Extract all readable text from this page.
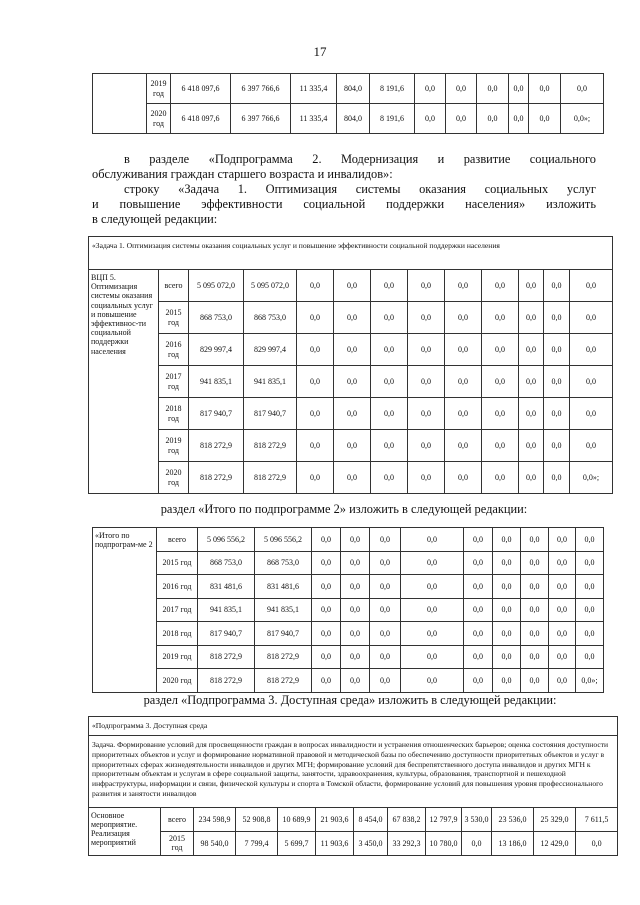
17
	2019 год	6 418 097,6	6 397 766,6	11 335,4	804,0	8 191,6	0,0	0,0	0,0	0,0	0,0	0,0
	2020 год	6 418 097,6	6 397 766,6	11 335,4	804,0	8 191,6	0,0	0,0	0,0	0,0	0,0	0,0»;
в разделе «Подпрограмма 2. Модернизация и развитие социального
обслуживания граждан старшего возраста и инвалидов»:
строку «Задача 1. Оптимизация системы оказания социальных услуг
и повышение эффективности социальной поддержки населения» изложить
в следующей редакции:
«Задача 1. Оптимизация системы оказания социальных услуг и повышение эффективности социальной поддержки населения												
ВЦП 5. Оптимизация системы оказания социальных услуг и повышение эффективнос-ти социальной поддержки населения	всего	5 095 072,0	5 095 072,0	0,0	0,0	0,0	0,0	0,0	0,0	0,0	0,0	0,0
	2015 год	868 753,0	868 753,0	0,0	0,0	0,0	0,0	0,0	0,0	0,0	0,0	0,0
	2016 год	829 997,4	829 997,4	0,0	0,0	0,0	0,0	0,0	0,0	0,0	0,0	0,0
	2017 год	941 835,1	941 835,1	0,0	0,0	0,0	0,0	0,0	0,0	0,0	0,0	0,0
	2018 год	817 940,7	817 940,7	0,0	0,0	0,0	0,0	0,0	0,0	0,0	0,0	0,0
	2019 год	818 272,9	818 272,9	0,0	0,0	0,0	0,0	0,0	0,0	0,0	0,0	0,0
	2020 год	818 272,9	818 272,9	0,0	0,0	0,0	0,0	0,0	0,0	0,0	0,0	0,0»;
раздел «Итого по подпрограмме 2» изложить в следующей редакции:
«Итого по подпрограм-ме 2	всего	5 096 556,2	5 096 556,2	0,0	0,0	0,0	0,0	0,0	0,0	0,0	0,0	0,0
	2015 год	868 753,0	868 753,0	0,0	0,0	0,0	0,0	0,0	0,0	0,0	0,0	0,0
	2016 год	831 481,6	831 481,6	0,0	0,0	0,0	0,0	0,0	0,0	0,0	0,0	0,0
	2017 год	941 835,1	941 835,1	0,0	0,0	0,0	0,0	0,0	0,0	0,0	0,0	0,0
	2018 год	817 940,7	817 940,7	0,0	0,0	0,0	0,0	0,0	0,0	0,0	0,0	0,0
	2019 год	818 272,9	818 272,9	0,0	0,0	0,0	0,0	0,0	0,0	0,0	0,0	0,0
	2020 год	818 272,9	818 272,9	0,0	0,0	0,0	0,0	0,0	0,0	0,0	0,0	0,0»;
раздел «Подпрограмма 3. Доступная среда» изложить в следующей редакции:
«Подпрограмма 3. Доступная среда												
Задача. Формирование условий для просвещенности граждан в вопросах инвалидности и устранения отношенческих барьеров; оценка состояния доступности приоритетных объектов и услуг и формирование нормативной правовой и методической базы по обеспечению доступности приоритетных объектов и услуг в приоритетных сферах жизнедеятельности инвалидов и других МГН; формирование условий для беспрепятственного доступа инвалидов и других МГН к приоритетным объектам и услугам в сфере социальной защиты, занятости, здравоохранения, культуры, образования, транспортной и пешеходной инфраструктуры, информации и связи, физической культуры и спорта в Томской области, формирование условий для повышения уровня профессионального развития и занятости инвалидов												
Основное мероприятие. Реализация мероприятий	всего	234 598,9	52 908,8	10 689,9	21 903,6	8 454,0	67 838,2	12 797,9	3 530,0	23 536,0	25 329,0	7 611,5
	2015 год	98 540,0	7 799,4	5 699,7	11 903,6	3 450,0	33 292,3	10 780,0	0,0	13 186,0	12 429,0	0,0
